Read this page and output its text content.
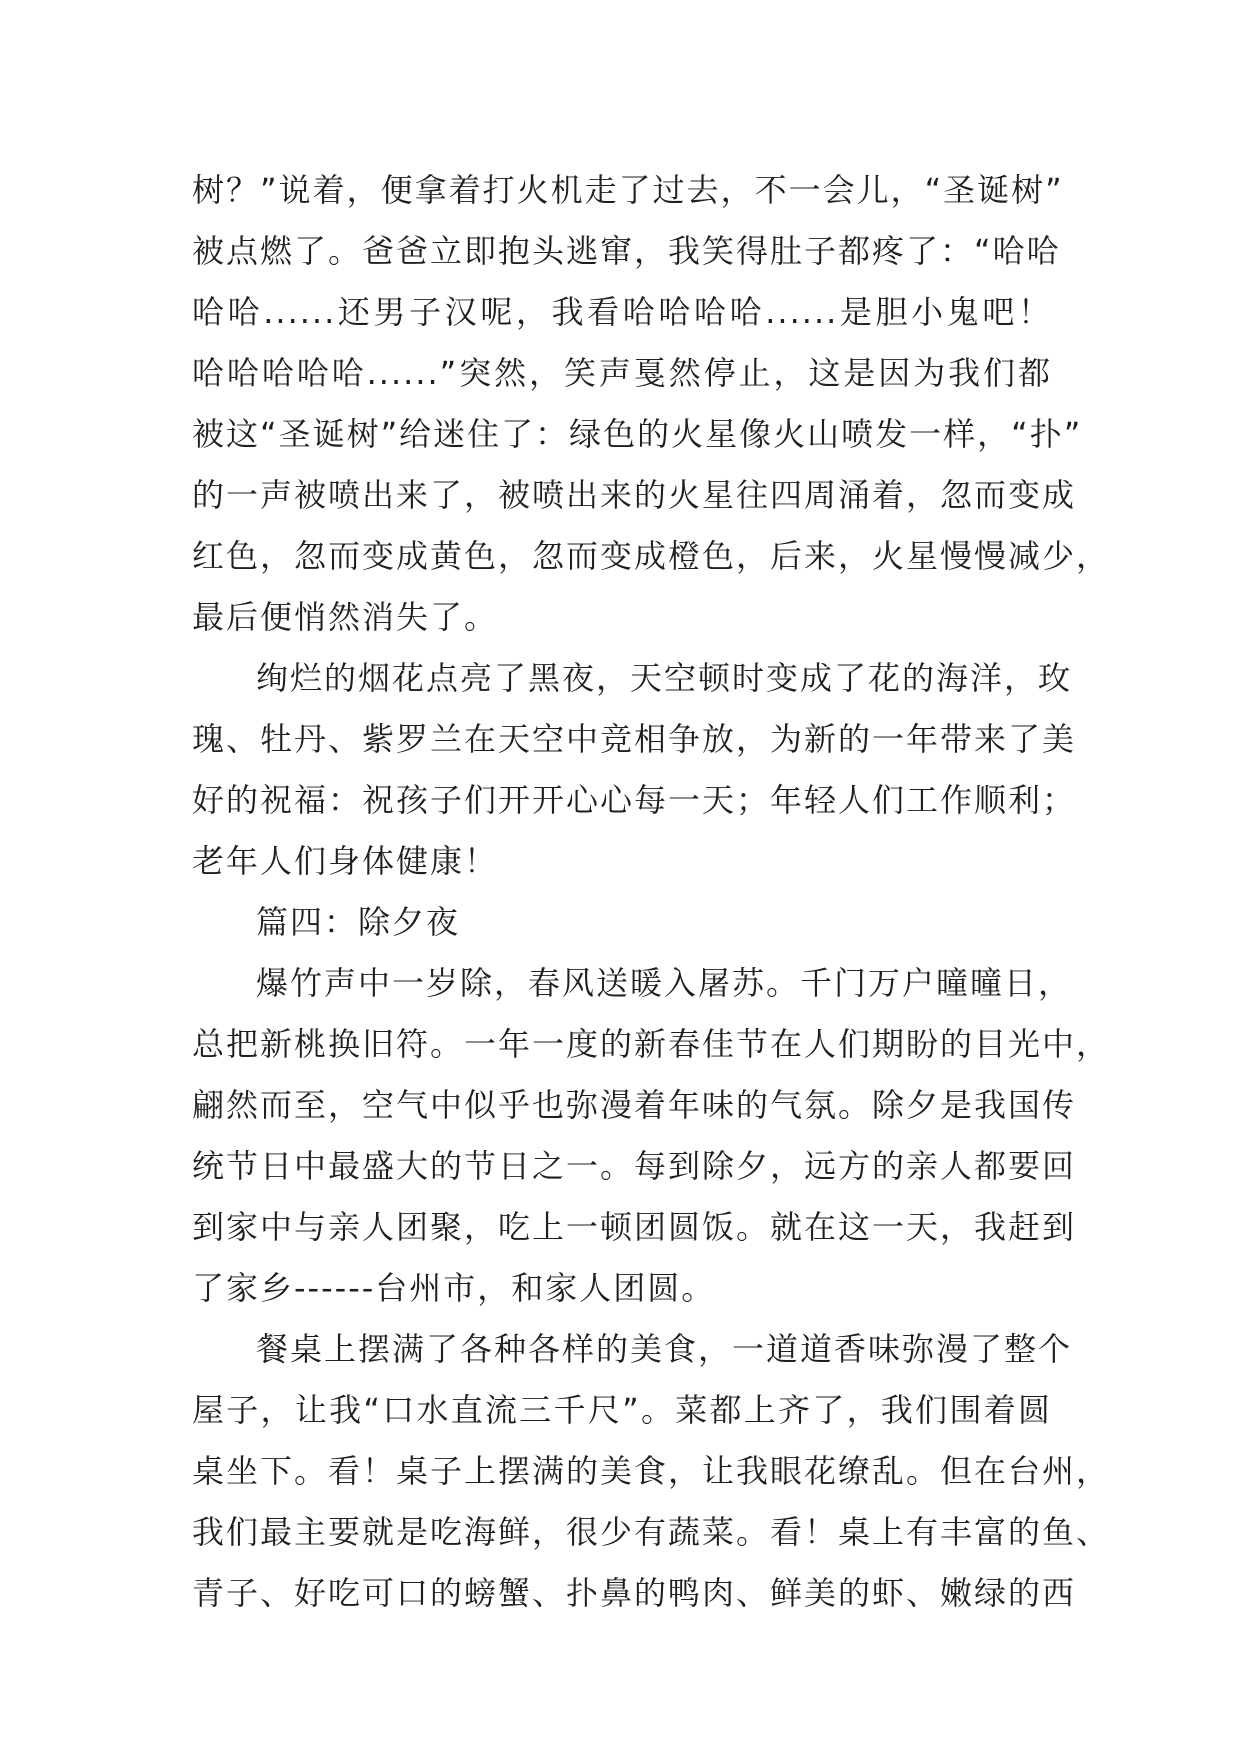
树？”说着，便拿着打火机走了过去，不一会儿，“圣诞树”
被点燃了。爸爸立即抱头逃窜，我笑得肚子都疼了：“哈哈
哈哈......还男子汉呢，我看哈哈哈哈......是胆小鬼吧！
哈哈哈哈哈......”突然，笑声戛然停止，这是因为我们都
被这“圣诞树”给迷住了：绿色的火星像火山喷发一样，“扑”
的一声被喷出来了，被喷出来的火星往四周涌着，忽而变成
红色，忽而变成黄色，忽而变成橙色，后来，火星慢慢减少，
最后便悄然消失了。
绚烂的烟花点亮了黑夜，天空顿时变成了花的海洋，玫
瑰、牡丹、紫罗兰在天空中竞相争放，为新的一年带来了美
好的祝福：祝孩子们开开心心每一天；年轻人们工作顺利；
老年人们身体健康！
篇四：除夕夜
爆竹声中一岁除，春风送暖入屠苏。千门万户曈曈日，
总把新桃换旧符。一年一度的新春佳节在人们期盼的目光中，
翩然而至，空气中似乎也弥漫着年味的气氛。除夕是我国传
统节日中最盛大的节日之一。每到除夕，远方的亲人都要回
到家中与亲人团聚，吃上一顿团圆饭。就在这一天，我赶到
了家乡------台州市，和家人团圆。
餐桌上摆满了各种各样的美食，一道道香味弥漫了整个
屋子，让我“口水直流三千尺”。菜都上齐了，我们围着圆
桌坐下。看！桌子上摆满的美食，让我眼花缭乱。但在台州，
我们最主要就是吃海鲜，很少有蔬菜。看！桌上有丰富的鱼、
青子、好吃可口的螃蟹、扑鼻的鸭肉、鲜美的虾、嫩绿的西
